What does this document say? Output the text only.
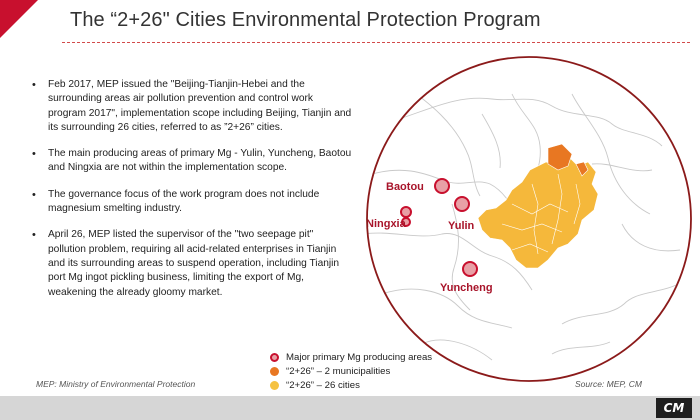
The “2+26" Cities Environmental Protection Program
• Feb 2017, MEP issued the "Beijing-Tianjin-Hebei and the surrounding areas air pollution prevention and control work program 2017", implementation scope including Beijing, Tianjin and its surrounding 26 cities, referred to as ”2+26” cities.
• The main producing areas of primary Mg - Yulin, Yuncheng, Baotou and Ningxia are not within the implementation scope.
• The governance focus of the work program does not include magnesium smelting industry.
• April 26, MEP listed the supervisor of the "two seepage pit" pollution problem, requiring all acid-related enterprises in Tianjin and its surrounding areas to suspend operation, including Tianjin port Mg ingot pickling business, limiting the export of Mg, weakening the already gloomy market.
Baotou
Ningxia	Yulin
Yuncheng
Major primary Mg producing areas
“2+26” – 2 municipalities
“2+26” – 26 cities
MEP: Ministry of Environmental Protection	Source: MEP, CM
CM
